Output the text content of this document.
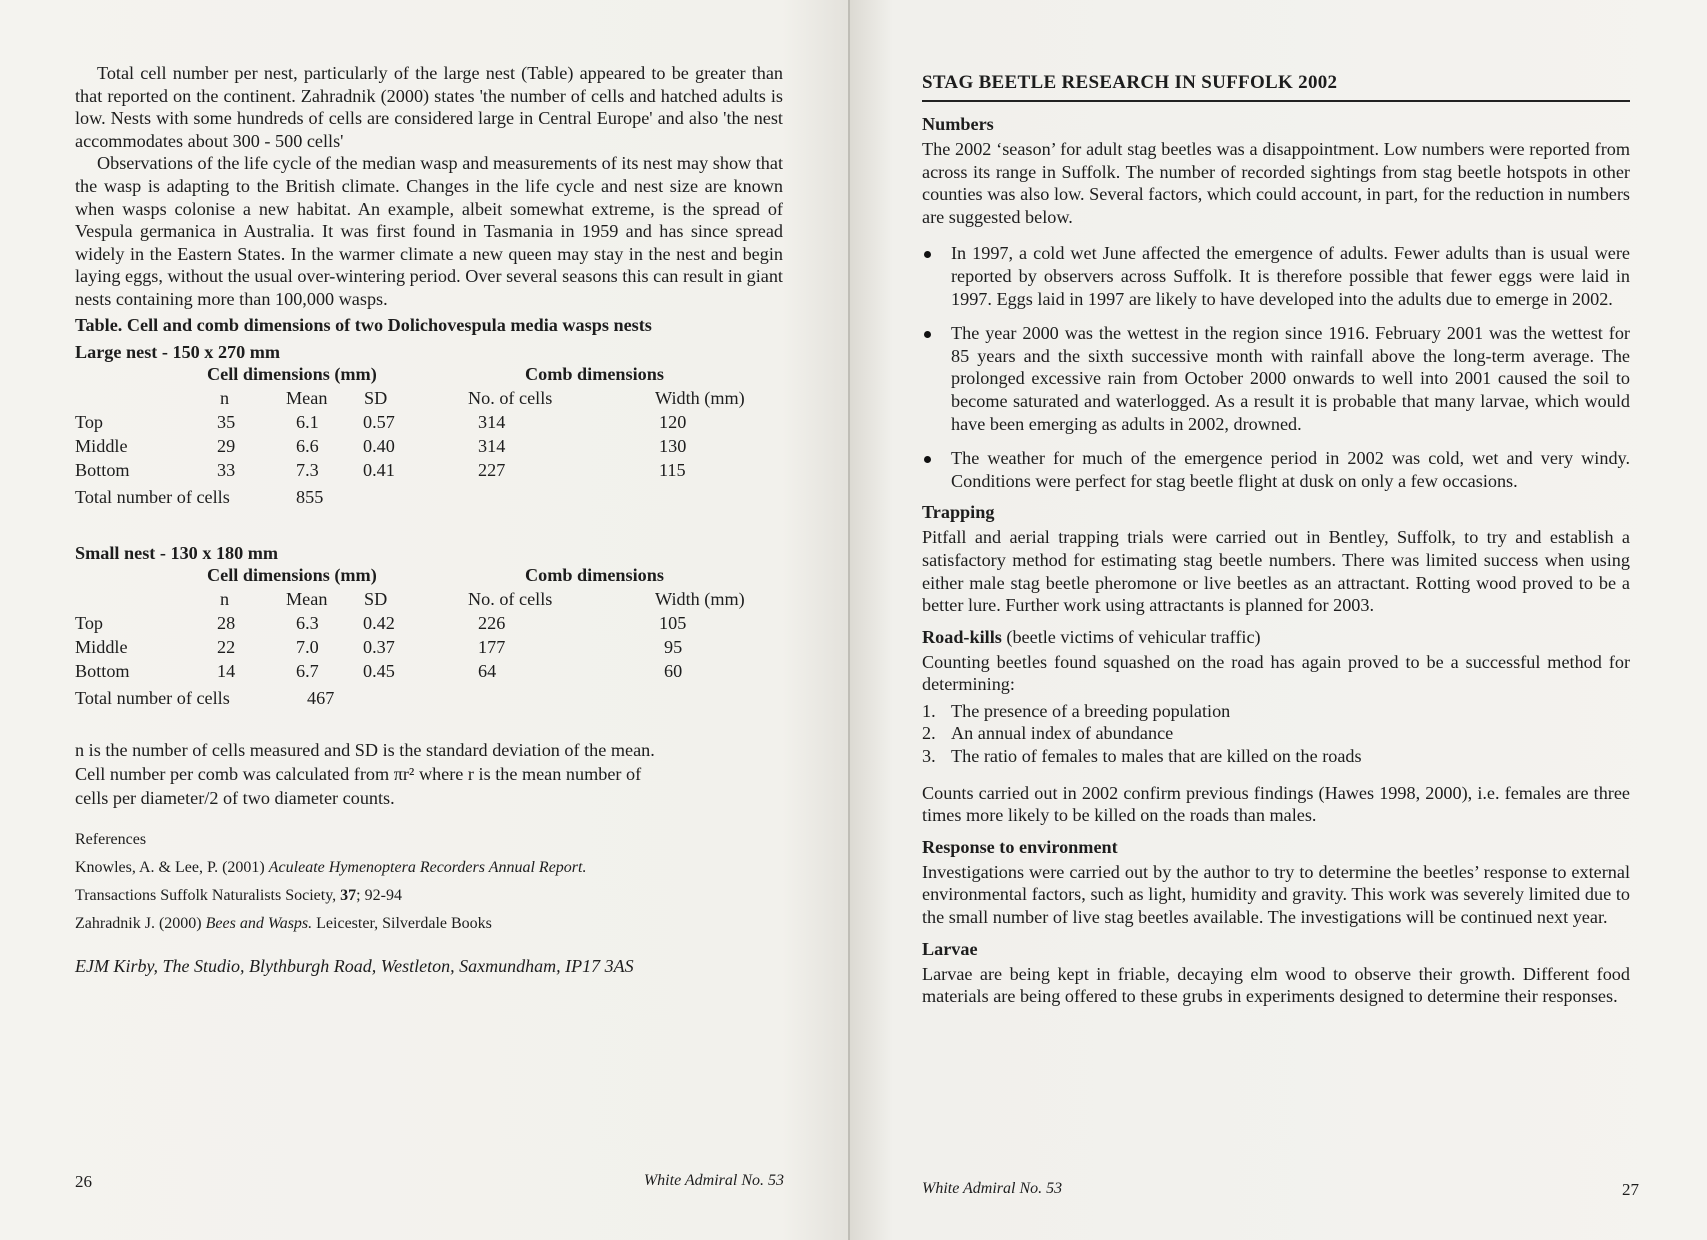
Total cell number per nest, particularly of the large nest (Table) appeared to be greater than that reported on the continent. Zahradnik (2000) states 'the number of cells and hatched adults is low. Nests with some hundreds of cells are considered large in Central Europe' and also 'the nest accommodates about 300 - 500 cells'

Observations of the life cycle of the median wasp and measurements of its nest may show that the wasp is adapting to the British climate. Changes in the life cycle and nest size are known when wasps colonise a new habitat. An example, albeit somewhat extreme, is the spread of Vespula germanica in Australia. It was first found in Tasmania in 1959 and has since spread widely in the Eastern States. In the warmer climate a new queen may stay in the nest and begin laying eggs, without the usual over-wintering period. Over several seasons this can result in giant nests containing more than 100,000 wasps.

Table. Cell and comb dimensions of two Dolichovespula media wasps nests
Large nest - 150 x 270 mm
Cell dimensions (mm)	Comb dimensions
n	Mean SD	No. of cells	Width (mm)
Top	35	6.1 0.57	314	120
Middle	29	6.6 0.40	314	130
Bottom	33	7.3 0.41	227	115
Total number of cells	855
Small nest - 130 x 180 mm
Cell dimensions (mm)	Comb dimensions
n	Mean SD	No. of cells	Width (mm)
Top	28	6.3 0.42	226	105
Middle	22	7.0 0.37	177	95
Bottom	14	6.7 0.45	64	60
Total number of cells	467
n is the number of cells measured and SD is the standard deviation of the mean.
Cell number per comb was calculated from πr² where r is the mean number of
cells per diameter/2 of two diameter counts.
References
Knowles, A. & Lee, P. (2001) Aculeate Hymenoptera Recorders Annual Report.
Transactions Suffolk Naturalists Society, 37; 92-94
Zahradnik J. (2000) Bees and Wasps. Leicester, Silverdale Books
EJM Kirby, The Studio, Blythburgh Road, Westleton, Saxmundham, IP17 3AS
26	White Admiral No. 53	White Admiral No. 53	27
STAG BEETLE RESEARCH IN SUFFOLK 2002
Numbers

The 2002 ‘season’ for adult stag beetles was a disappointment. Low numbers were reported from across its range in Suffolk. The number of recorded sightings from stag beetle hotspots in other counties was also low. Several factors, which could account, in part, for the reduction in numbers are suggested below.

In 1997, a cold wet June affected the emergence of adults. Fewer adults than is usual were reported by observers across Suffolk. It is therefore possible that fewer eggs were laid in 1997. Eggs laid in 1997 are likely to have developed into the adults due to emerge in 2002.
The year 2000 was the wettest in the region since 1916. February 2001 was the wettest for 85 years and the sixth successive month with rainfall above the long-term average. The prolonged excessive rain from October 2000 onwards to well into 2001 caused the soil to become saturated and waterlogged. As a result it is probable that many larvae, which would have been emerging as adults in 2002, drowned.
The weather for much of the emergence period in 2002 was cold, wet and very windy. Conditions were perfect for stag beetle flight at dusk on only a few occasions.
Trapping

Pitfall and aerial trapping trials were carried out in Bentley, Suffolk, to try and establish a satisfactory method for estimating stag beetle numbers. There was limited success when using either male stag beetle pheromone or live beetles as an attractant. Rotting wood proved to be a better lure. Further work using attractants is planned for 2003.

Road-kills (beetle victims of vehicular traffic)

Counting beetles found squashed on the road has again proved to be a successful method for determining:

1. The presence of a breeding population
2. An annual index of abundance
3. The ratio of females to males that are killed on the roads

Counts carried out in 2002 confirm previous findings (Hawes 1998, 2000), i.e. females are three times more likely to be killed on the roads than males.

Response to environment

Investigations were carried out by the author to try to determine the beetles’ response to external environmental factors, such as light, humidity and gravity. This work was severely limited due to the small number of live stag beetles available. The investigations will be continued next year.

Larvae

Larvae are being kept in friable, decaying elm wood to observe their growth. Different food materials are being offered to these grubs in experiments designed to determine their responses.
